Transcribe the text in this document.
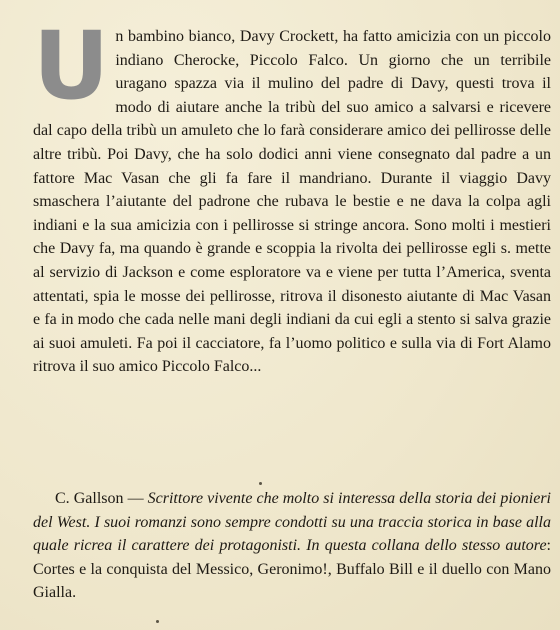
Un bambino bianco, Davy Crockett, ha fatto amicizia con un piccolo indiano Cherocke, Piccolo Falco. Un giorno che un terribile uragano spazza via il mulino del padre di Davy, questi trova il modo di aiutare anche la tribù del suo amico a salvarsi e ricevere dal capo della tribù un amuleto che lo farà considerare amico dei pellirosse delle altre tribù. Poi Davy, che ha solo dodici anni viene consegnato dal padre a un fattore Mac Vasan che gli fa fare il mandriano. Durante il viaggio Davy smaschera l’aiutante del padrone che rubava le bestie e ne dava la colpa agli indiani e la sua amicizia con i pellirosse si stringe ancora. Sono molti i mestieri che Davy fa, ma quando è grande e scoppia la rivolta dei pellirosse egli s. mette al servizio di Jackson e come esploratore va e viene per tutta l’America, sventa attentati, spia le mosse dei pellirosse, ritrova il disonesto aiutante di Mac Vasan e fa in modo che cada nelle mani degli indiani da cui egli a stento si salva grazie ai suoi amuleti. Fa poi il cacciatore, fa l’uomo politico e sulla via di Fort Alamo ritrova il suo amico Piccolo Falco...
C. Gallson — Scrittore vivente che molto si interessa della storia dei pionieri del West. I suoi romanzi sono sempre condotti su una traccia storica in base alla quale ricrea il carattere dei protagonisti. In questa collana dello stesso autore: Cortes e la conquista del Messico, Geronimo!, Buffalo Bill e il duello con Mano Gialla.
